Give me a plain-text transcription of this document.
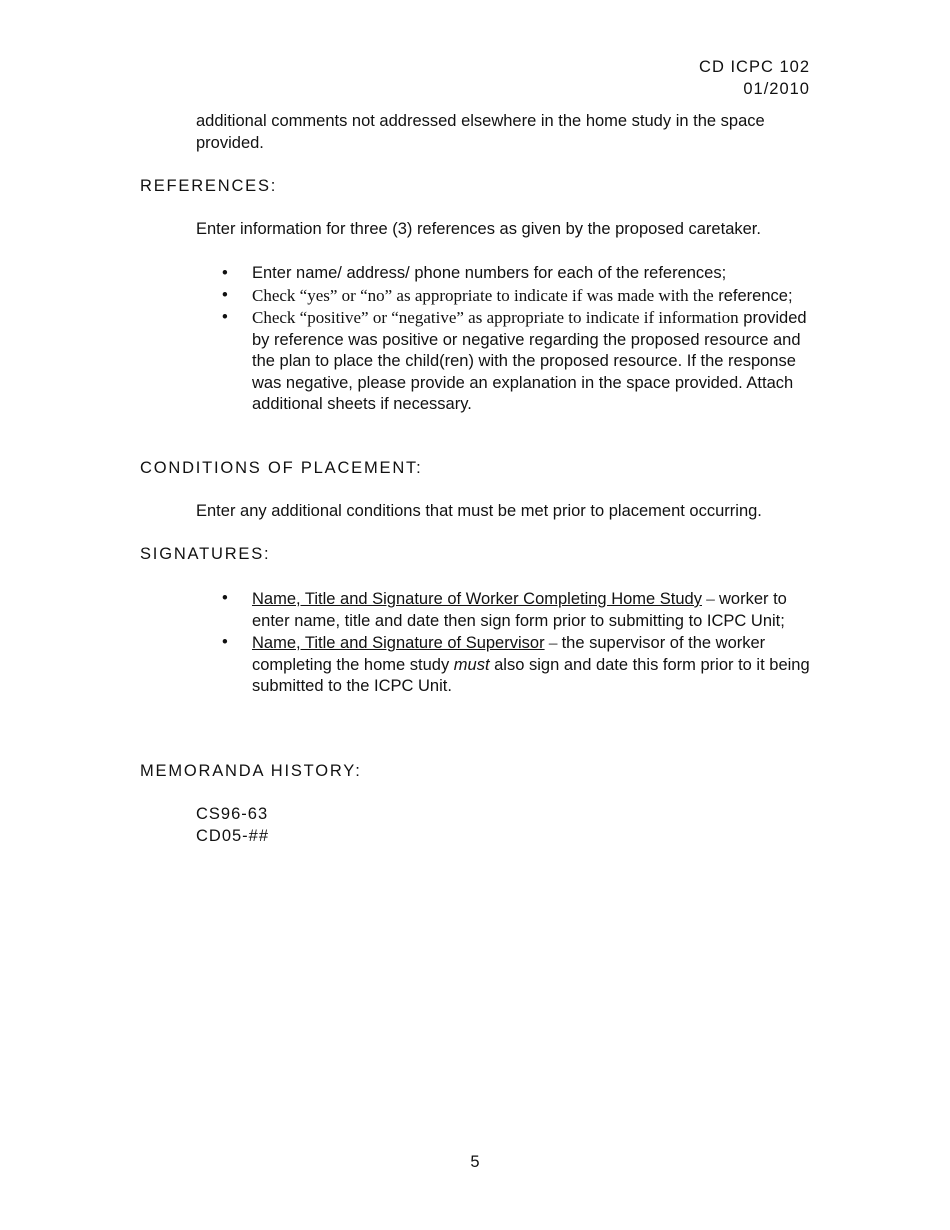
CD ICPC 102
01/2010
additional comments not addressed elsewhere in the home study in the space provided.
REFERENCES:
Enter information for three (3) references as given by the proposed caretaker.
• Enter name/ address/ phone numbers for each of the references;
• Check “yes” or “no” as appropriate to indicate if was made with the reference;
• Check “positive” or “negative” as appropriate to indicate if information provided by reference was positive or negative regarding the proposed resource and the plan to place the child(ren) with the proposed resource. If the response was negative, please provide an explanation in the space provided. Attach additional sheets if necessary.
CONDITIONS OF PLACEMENT:
Enter any additional conditions that must be met prior to placement occurring.
SIGNATURES:
• Name, Title and Signature of Worker Completing Home Study – worker to enter name, title and date then sign form prior to submitting to ICPC Unit;
• Name, Title and Signature of Supervisor – the supervisor of the worker completing the home study must also sign and date this form prior to it being submitted to the ICPC Unit.
MEMORANDA HISTORY:
CS96-63
CD05-##
5
